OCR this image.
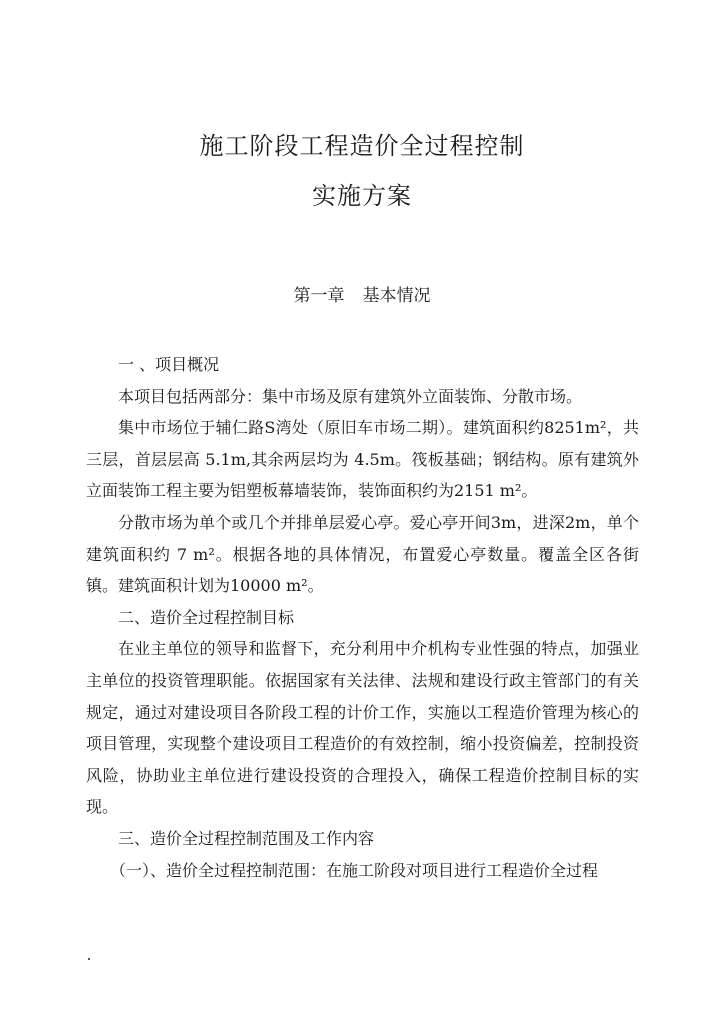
施工阶段工程造价全过程控制
实施方案
第一章 基本情况

一 、项目概况

本项目包括两部分：集中市场及原有建筑外立面装饰、分散市场。

集中市场位于辅仁路S湾处（原旧车市场二期）。建筑面积约8251m²，共三层，首层层高 5.1m,其余两层均为 4.5m。筏板基础；钢结构。原有建筑外立面装饰工程主要为铝塑板幕墙装饰，装饰面积约为2151 m²。

分散市场为单个或几个并排单层爱心亭。爱心亭开间3m，进深2m，单个建筑面积约 7 m²。根据各地的具体情况，布置爱心亭数量。覆盖全区各街镇。建筑面积计划为10000 m²。

二、造价全过程控制目标

在业主单位的领导和监督下，充分利用中介机构专业性强的特点，加强业主单位的投资管理职能。依据国家有关法律、法规和建设行政主管部门的有关规定，通过对建设项目各阶段工程的计价工作，实施以工程造价管理为核心的项目管理，实现整个建设项目工程造价的有效控制，缩小投资偏差，控制投资风险，协助业主单位进行建设投资的合理投入，确保工程造价控制目标的实现。

三、造价全过程控制范围及工作内容

（一）、造价全过程控制范围：在施工阶段对项目进行工程造价全过程
